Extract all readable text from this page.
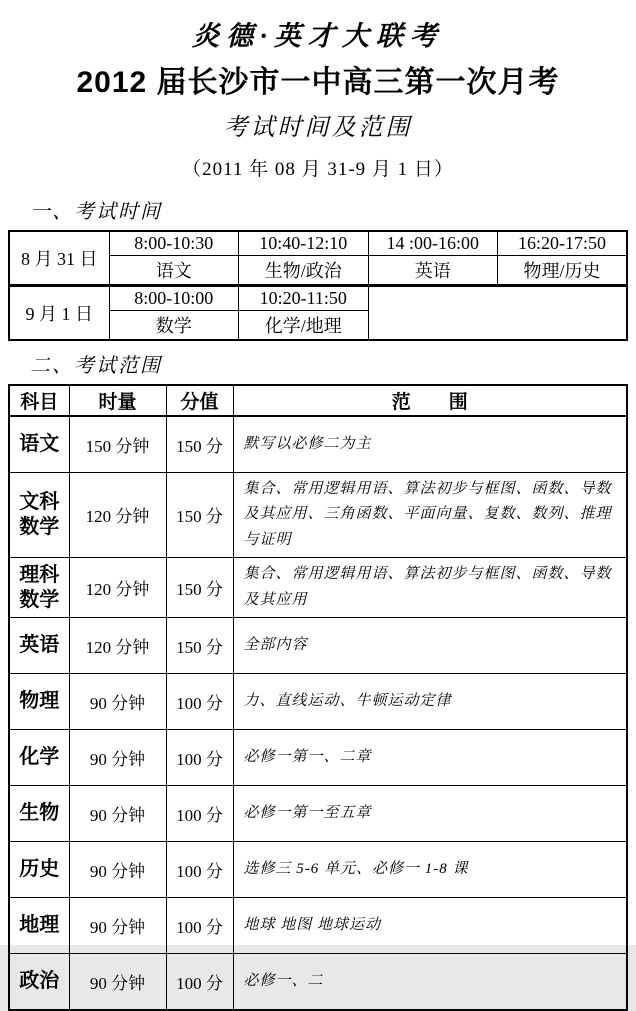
炎德·英才大联考
2012 届长沙市一中高三第一次月考
考试时间及范围
（2011 年 08 月 31-9 月 1 日）
一、考试时间
8 月 31 日	8:00-10:30	10:40-12:10	14 :00-16:00	16:20-17:50
	语文	生物/政治	英语	物理/历史
9 月 1 日	8:00-10:00	10:20-11:50		
	数学	化学/地理		
二、考试范围
科目	时量	分值	范　　围
语文	150 分钟	150 分	默写以必修二为主
文科数学	120 分钟	150 分	集合、常用逻辑用语、算法初步与框图、函数、导数及其应用、三角函数、平面向量、复数、数列、推理与证明
理科数学	120 分钟	150 分	集合、常用逻辑用语、算法初步与框图、函数、导数及其应用
英语	120 分钟	150 分	全部内容
物理	90 分钟	100 分	力、直线运动、牛顿运动定律
化学	90 分钟	100 分	必修一第一、二章
生物	90 分钟	100 分	必修一第一至五章
历史	90 分钟	100 分	选修三 5-6 单元、必修一 1-8 课
地理	90 分钟	100 分	地球 地图 地球运动
政治	90 分钟	100 分	必修一、二
